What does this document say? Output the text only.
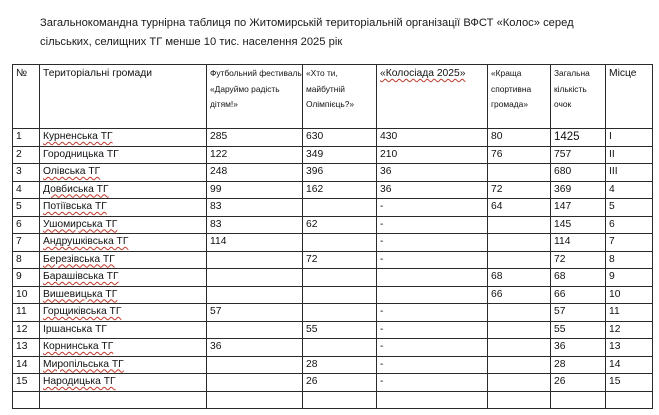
Загальнокомандна турнірна таблиця по Житомирській територіальній організації ВФСТ «Колос» серед сільських, селищних ТГ менше 10 тис. населення 2025 рік
№	Територіальні громади	Футбольний фестиваль «Даруймо радість дітям!»	«Хто ти, майбутній Олімпієць?»	«Колосіада 2025»	«Краща спортивна громада»	Загальна кількість очок	Місце
1	Курненська ТГ	285	630	430	80	1425	I
2	Городницька ТГ	122	349	210	76	757	II
3	Олівська ТГ	248	396	36		680	III
4	Довбиська ТГ	99	162	36	72	369	4
5	Потіївська ТГ	83		-	64	147	5
6	Ушомирська ТГ	83	62	-		145	6
7	Андрушківська ТГ	114		-		114	7
8	Березівська ТГ		72	-		72	8
9	Барашівська ТГ				68	68	9
10	Вишевицька ТГ				66	66	10
11	Горщиківська ТГ	57		-		57	11
12	Іршанська ТГ		55	-		55	12
13	Корнинська ТГ	36		-		36	13
14	Миропільська ТГ		28	-		28	14
15	Народицька ТГ		26	-		26	15
